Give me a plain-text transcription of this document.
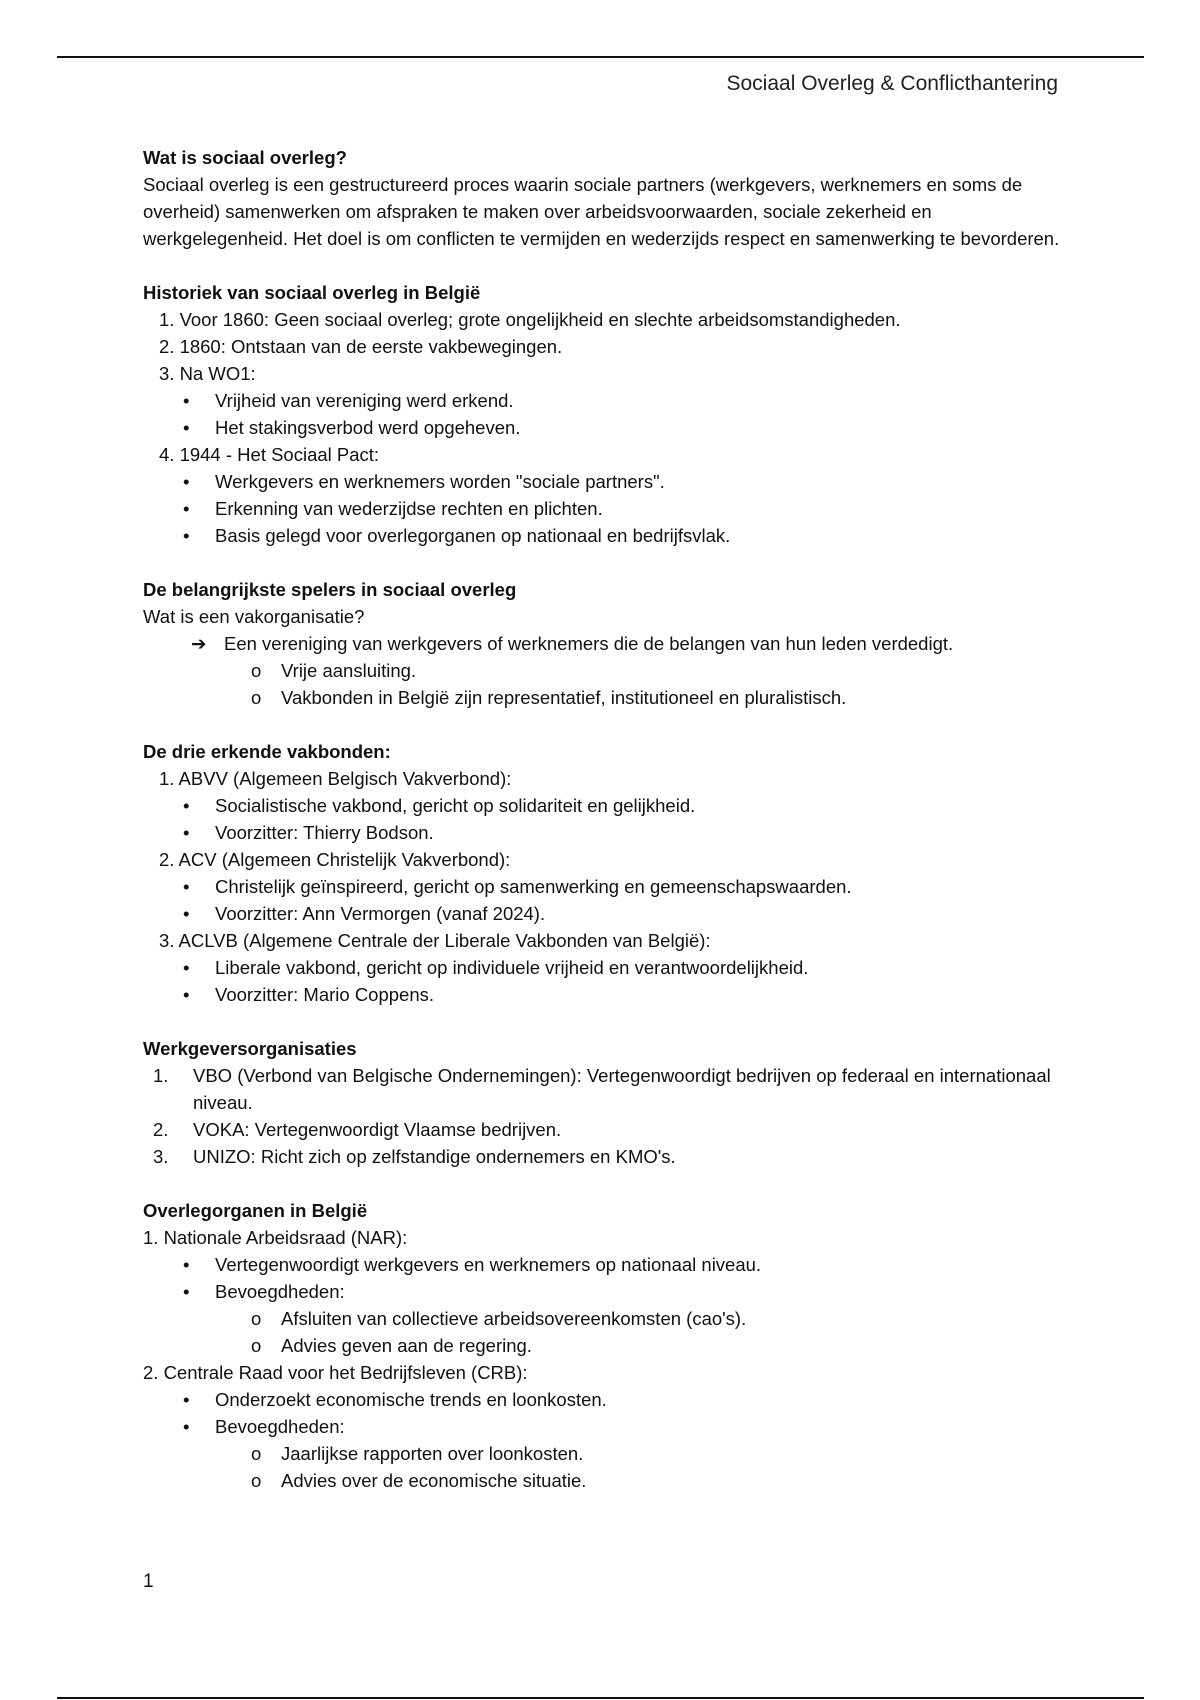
Sociaal Overleg & Conflicthantering
Wat is sociaal overleg?

Sociaal overleg is een gestructureerd proces waarin sociale partners (werkgevers, werknemers en soms de overheid) samenwerken om afspraken te maken over arbeidsvoorwaarden, sociale zekerheid en werkgelegenheid. Het doel is om conflicten te vermijden en wederzijds respect en samenwerking te bevorderen.

Historiek van sociaal overleg in België
1. Voor 1860: Geen sociaal overleg; grote ongelijkheid en slechte arbeidsomstandigheden.
2. 1860: Ontstaan van de eerste vakbewegingen.
3. Na WO1:
• Vrijheid van vereniging werd erkend.
• Het stakingsverbod werd opgeheven.
4. 1944 - Het Sociaal Pact:
• Werkgevers en werknemers worden "sociale partners".
• Erkenning van wederzijdse rechten en plichten.
• Basis gelegd voor overlegorganen op nationaal en bedrijfsvlak.
De belangrijkste spelers in sociaal overleg
Wat is een vakorganisatie?
➔ Een vereniging van werkgevers of werknemers die de belangen van hun leden verdedigt.
o Vrije aansluiting.
o Vakbonden in België zijn representatief, institutioneel en pluralistisch.
De drie erkende vakbonden:
1. ABVV (Algemeen Belgisch Vakverbond):
• Socialistische vakbond, gericht op solidariteit en gelijkheid.
• Voorzitter: Thierry Bodson.
2. ACV (Algemeen Christelijk Vakverbond):
• Christelijk geïnspireerd, gericht op samenwerking en gemeenschapswaarden.
• Voorzitter: Ann Vermorgen (vanaf 2024).
3. ACLVB (Algemene Centrale der Liberale Vakbonden van België):
• Liberale vakbond, gericht op individuele vrijheid en verantwoordelijkheid.
• Voorzitter: Mario Coppens.
Werkgeversorganisaties
1.	VBO (Verbond van Belgische Ondernemingen): Vertegenwoordigt bedrijven op federaal en internationaal niveau.
2.	VOKA: Vertegenwoordigt Vlaamse bedrijven.
3.	UNIZO: Richt zich op zelfstandige ondernemers en KMO's.
Overlegorganen in België
1. Nationale Arbeidsraad (NAR):
• Vertegenwoordigt werkgevers en werknemers op nationaal niveau.
• Bevoegdheden:
o Afsluiten van collectieve arbeidsovereenkomsten (cao's).
o Advies geven aan de regering.
2. Centrale Raad voor het Bedrijfsleven (CRB):
• Onderzoekt economische trends en loonkosten.
• Bevoegdheden:
o Jaarlijkse rapporten over loonkosten.
o Advies over de economische situatie.
1
